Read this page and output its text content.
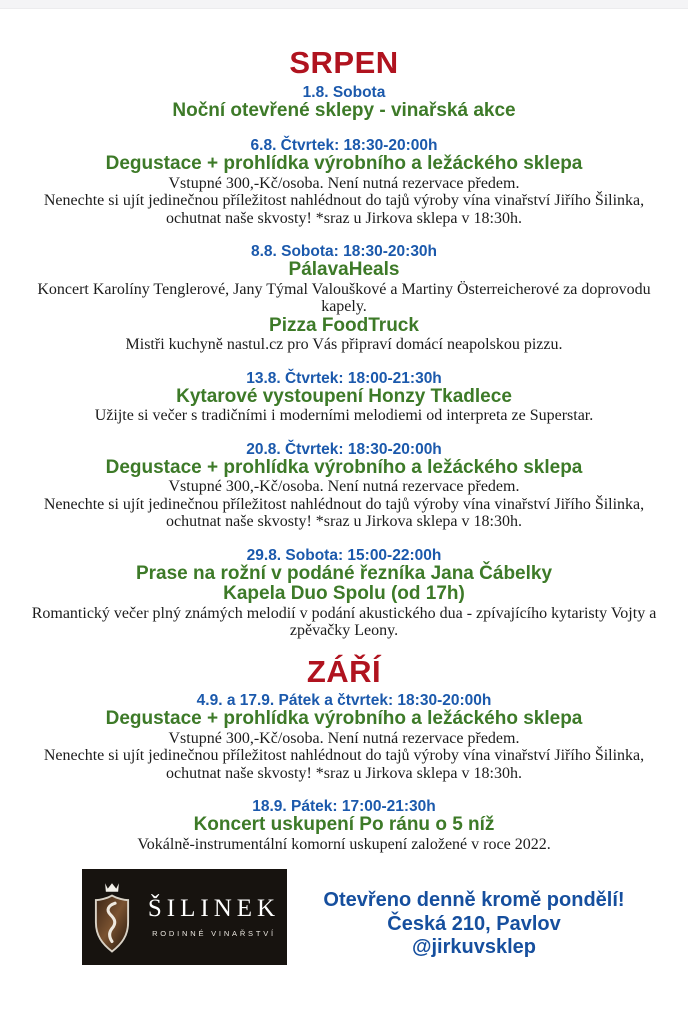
SRPEN

1.8. Sobota

Noční otevřené sklepy - vinařská akce

6.8. Čtvrtek: 18:30-20:00h

Degustace + prohlídka výrobního a ležáckého sklepa

Vstupné 300,-Kč/osoba. Není nutná rezervace předem.

Nenechte si ujít jedinečnou příležitost nahlédnout do tajů výroby vína vinařství Jiřího Šilinka, ochutnat naše skvosty! *sraz u Jirkova sklepa v 18:30h.

8.8. Sobota: 18:30-20:30h

PálavaHeals

Koncert Karolíny Tenglerové, Jany Týmal Valouškové a Martiny Österreicherové za doprovodu kapely.

Pizza FoodTruck

Mistři kuchyně nastul.cz pro Vás připraví domácí neapolskou pizzu.

13.8. Čtvrtek: 18:00-21:30h

Kytarové vystoupení Honzy Tkadlece

Užijte si večer s tradičními i moderními melodiemi od interpreta ze Superstar.

20.8. Čtvrtek: 18:30-20:00h

Degustace + prohlídka výrobního a ležáckého sklepa

Vstupné 300,-Kč/osoba. Není nutná rezervace předem.

Nenechte si ujít jedinečnou příležitost nahlédnout do tajů výroby vína vinařství Jiřího Šilinka, ochutnat naše skvosty! *sraz u Jirkova sklepa v 18:30h.

29.8. Sobota: 15:00-22:00h

Prase na rožní v podáné řezníka Jana Čábelky
Kapela Duo Spolu (od 17h)

Romantický večer plný známých melodií v podání akustického dua - zpívajícího kytaristy Vojty a zpěvačky Leony.

ZÁŘÍ

4.9. a 17.9. Pátek a čtvrtek: 18:30-20:00h

Degustace + prohlídka výrobního a ležáckého sklepa

Vstupné 300,-Kč/osoba. Není nutná rezervace předem.

Nenechte si ujít jedinečnou příležitost nahlédnout do tajů výroby vína vinařství Jiřího Šilinka, ochutnat naše skvosty! *sraz u Jirkova sklepa v 18:30h.

18.9. Pátek: 17:00-21:30h

Koncert uskupení Po ránu o 5 níž

Vokálně-instrumentální komorní uskupení založené v roce 2022.

ŠILINEK
RODINNÉ VINAŘSTVÍ

Otevřeno denně kromě pondělí!

Česká 210, Pavlov

@jirkuvsklep
